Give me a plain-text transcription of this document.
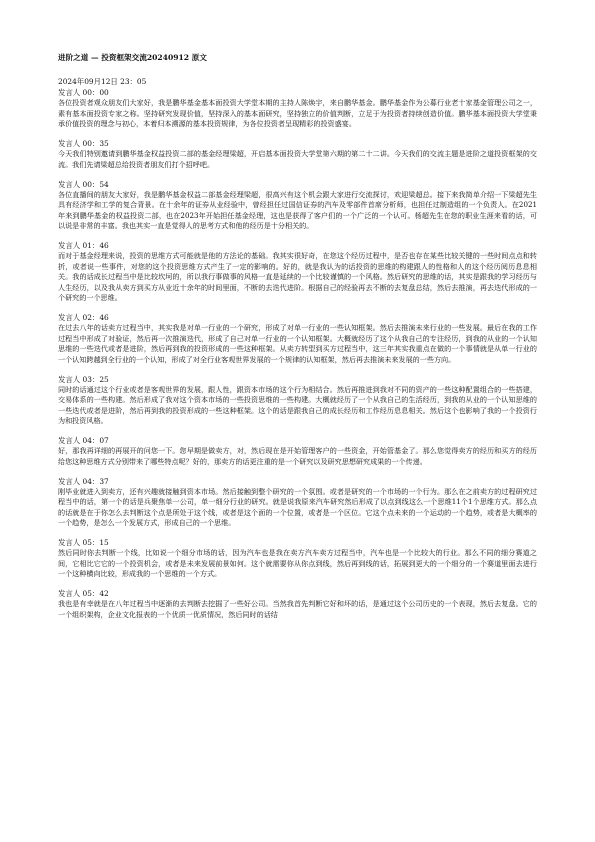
进阶之道 — 投资框架交流20240912 原文
2024年09月12日 23：05

发言人 00：00

各位投资者观众朋友们大家好，我是鹏华基金基本面投资大学堂本期的主持人陈焕宇，来自鹏华基金。鹏华基金作为公募行业老十家基金管理公司之一，素有基本面投资专家之称。坚持研究发现价值，坚持深入的基本面研究，坚持独立的价值判断，立足于为投资者持续创造价值。鹏华基本面投资大学堂秉承价值投资的理念与初心，本着归本溯源的基本投资规律，为各位投资者呈现精彩的投资盛宴。

发言人 00：35

今天我们特别邀请到鹏华基金权益投资二部的基金经理梁超，开启基本面投资大学堂第六期的第二十二讲。今天我们的交流主题是进阶之道投资框架的交流。我们先请梁超总给投资者朋友们打个招呼吧。

发言人 00：54

各位直播间的朋友大家好，我是鹏华基金权益二部基金经理梁超，很高兴有这个机会跟大家进行交流探讨，欢迎梁超总。接下来我简单介绍一下梁超先生具有经济学和工学的复合背景。在十余年的证券从业经验中，曾经担任过国信证券的汽车及零部件首席分析师，也担任过制造组的一个负责人。在2021年来到鹏华基金的权益投资二部，也在2023年开始担任基金经理，这也是获得了客户们的一个广泛的一个认可。杨超先生在您的职业生涯来看的话，可以说是非常的丰富。我也其实一直是觉得人的思考方式和他的经历是十分相关的。

发言人 01：46

而对于基金经理来说，投资的思维方式可能就是他的方法论的基础。我其实很好奇，在您这个经历过程中，是否也存在某些比较关键的一些时间点点和转折，或者说一些事件，对您的这个投资思维方式产生了一定的影响的。好的，就是我认为的话投资的思维的构建跟人的性格和人的这个经历阅历息息相关。我的话成长过程当中是比较坎坷的，所以我行事做事的风格一直是延续的一个比较谨慎的一个风格。然后研究的思维的话，其实是跟我的学习经历与人生经历，以及我从卖方到买方从业近十余年的时间里面，不断的去迭代进阶。根据自己的经验再去不断的去复盘总结，然后去推演，再去迭代形成的一个研究的一个思维。

发言人 02：46

在过去八年的话卖方过程当中，其实我是对单一行业的一个研究，形成了对单一行业的一些认知框架。然后去推演未来行业的一些发展。最后在我的工作过程当中形成了对验证，然后再一次推演迭代，形成了自己对单一行业的一个认知框架。大概就经历了这个从我自己的专注经历，到我的从业的一个认知思维的一些迭代或者是进阶，然后再到我的投资形成的一些这种框架。从卖方转型到买方过程当中，这三年其实我重点在做的一个事情就是从单一行业的一个认知跨越到全行业的一个认知，形成了对全行业客观世界发展的一个规律的认知框架，然后再去推演未来发展的一些方向。

发言人 03：25

同时的话通过这个行业或者是客观世界的发展，跟人性，跟资本市场的这个行为相结合。然后再推进到我对不同的资产的一些这种配置组合的一些搭建，交易体系的一些构建。然后形成了我对这个资本市场的一些投资思维的一些构建。大概就经历了一个从我自己的生活经历，到我的从业的一个认知思维的一些迭代或者是进阶，然后再到我的投资形成的一些这种框架。这个的话是跟我自己的成长经历和工作经历息息相关。然后这个也影响了我的一个投资行为和投资风格。

发言人 04：07

好，那我再详细的再展开的问您一下。您早期是做卖方，对，然后现在是开始管理客户的一些资金，开始管基金了。那么您觉得卖方的经历和买方的经历给您这种思维方式分别带来了哪些特点呢？好的，那卖方的话更注重的是一个研究以及研究思想研究成果的一个传递。

发言人 04：37

刚毕业就进入到卖方，还有兴趣就接触到资本市场。然后接触到整个研究的一个氛围。或者是研究的一个市场的一个行为。那么在之前卖方的过程研究过程当中的话，第一个的话是兵聚焦单一公司，单一细分行业的研究。就是说我原来汽车研究然后形成了以点到线这么一个思维11个1个思维方式。那么点的话就是在于你怎么去判断这个点是所处于这个线，或者是这个面的一个位置，或者是一个区位。它这个点未来的一个运动的一个趋势，或者是大概率的一个趋势，是怎么一个发展方式，形成自己的一个思维。

发言人 05：15

然后同时你去判断一个线，比如说一个细分市场的话，因为汽车也是我在卖方汽车卖方过程当中，汽车也是一个比较大的行业。那么不同的细分赛道之间，它相比它它的一个投资机会，或者是未来发展前景如何。这个就需要你从你点到线，然后再到线的话，拓展到更大的一个细分的一个赛道里面去进行一个这种横向比较，形成我的一个思维的一个方式。

发言人 05：42

我也是有幸就是在八年过程当中逐渐的去判断去挖掘了一些好公司。当然我首先判断它好和坏的话，是通过这个公司历史的一个表现，然后去复盘。它的一个组织架构，企业文化报表的一个优质一优质情况，然后同时的话结
